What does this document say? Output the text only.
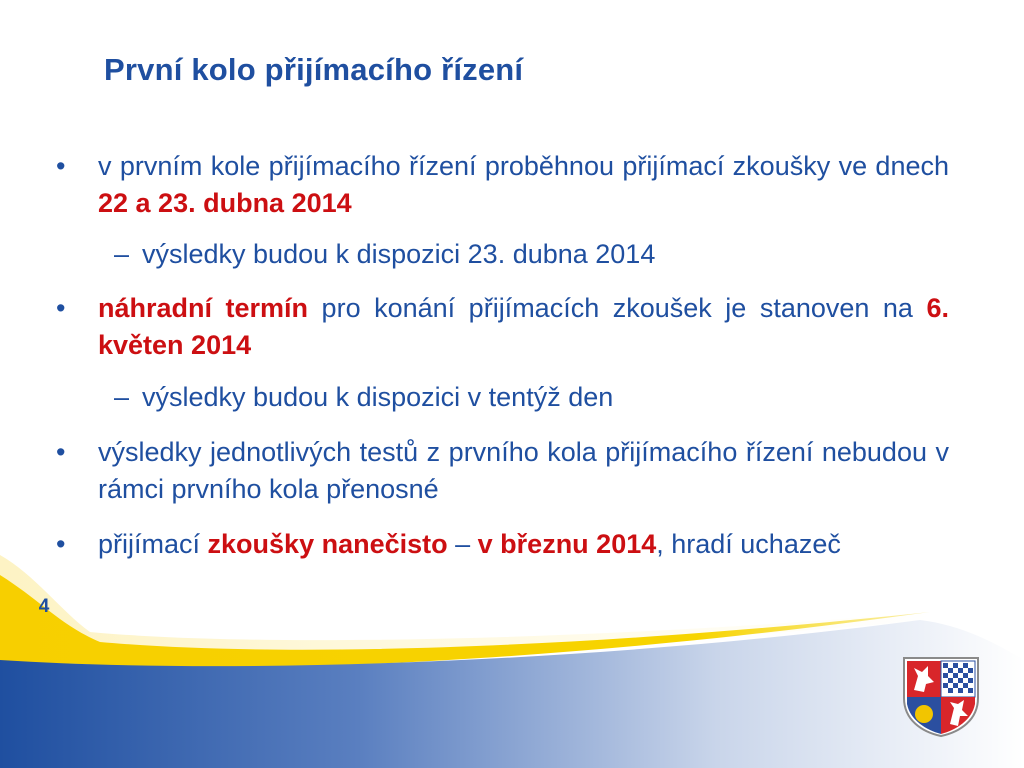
První kolo přijímacího řízení

• v prvním kole přijímacího řízení proběhnou přijímací zkoušky ve dnech 22 a 23. dubna 2014

– výsledky budou k dispozici 23. dubna 2014

• náhradní termín pro konání přijímacích zkoušek je stanoven na 6. květen 2014

– výsledky budou k dispozici v tentýž den

• výsledky jednotlivých testů z prvního kola přijímacího řízení nebudou v rámci prvního kola přenosné

• přijímací zkoušky nanečisto – v březnu 2014, hradí uchazeč

4
